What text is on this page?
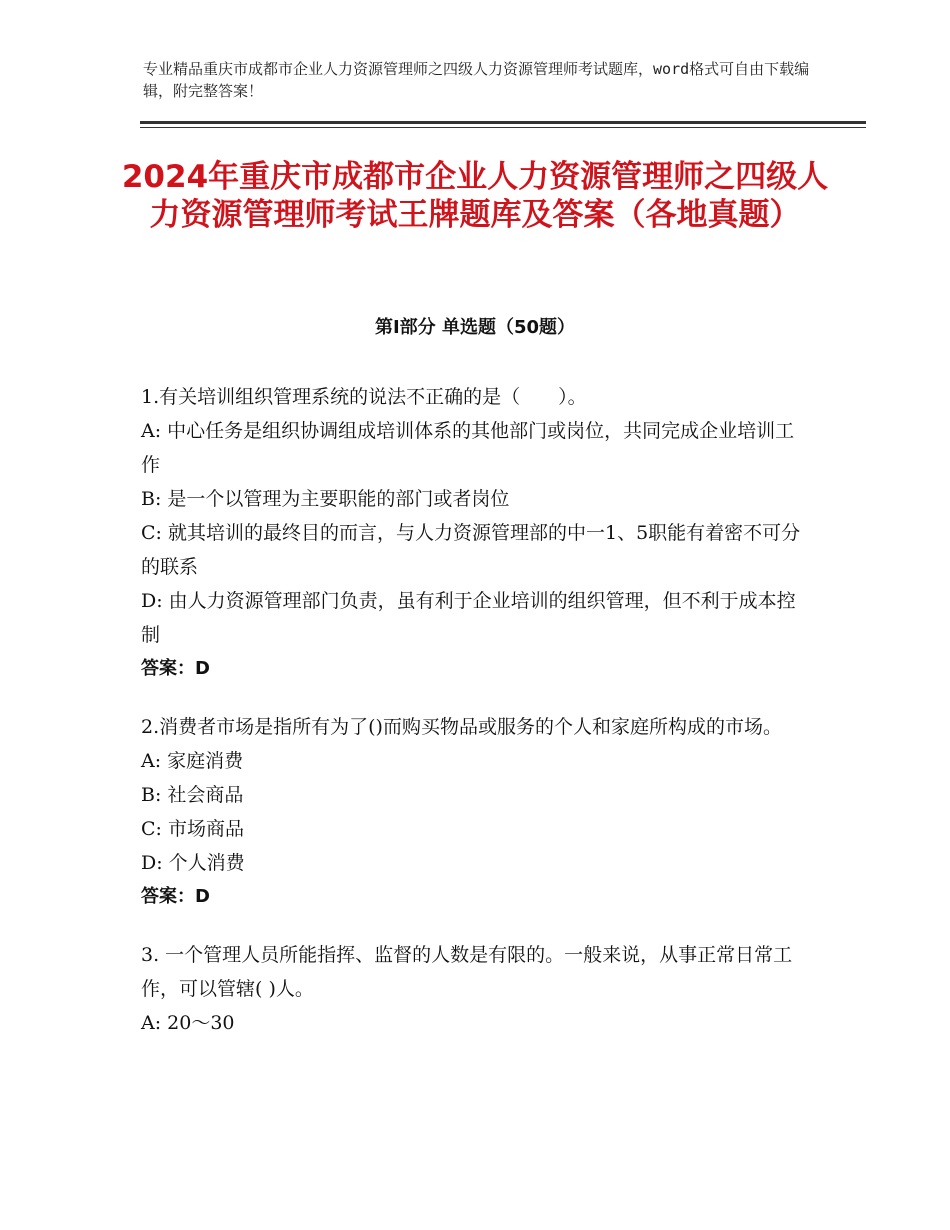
专业精品重庆市成都市企业人力资源管理师之四级人力资源管理师考试题库，word格式可自由下载编辑，附完整答案！
2024年重庆市成都市企业人力资源管理师之四级人力资源管理师考试王牌题库及答案（各地真题）
第Ⅰ部分 单选题（50题）
1.有关培训组织管理系统的说法不正确的是（　　）。
A: 中心任务是组织协调组成培训体系的其他部门或岗位，共同完成企业培训工作
B: 是一个以管理为主要职能的部门或者岗位
C: 就其培训的最终目的而言，与人力资源管理部的中一1、5职能有着密不可分的联系
D: 由人力资源管理部门负责，虽有利于企业培训的组织管理，但不利于成本控制
答案：D
2.消费者市场是指所有为了()而购买物品或服务的个人和家庭所构成的市场。
A: 家庭消费
B: 社会商品
C: 市场商品
D: 个人消费
答案：D
3. 一个管理人员所能指挥、监督的人数是有限的。一般来说，从事正常日常工作，可以管辖( )人。
A: 20～30
